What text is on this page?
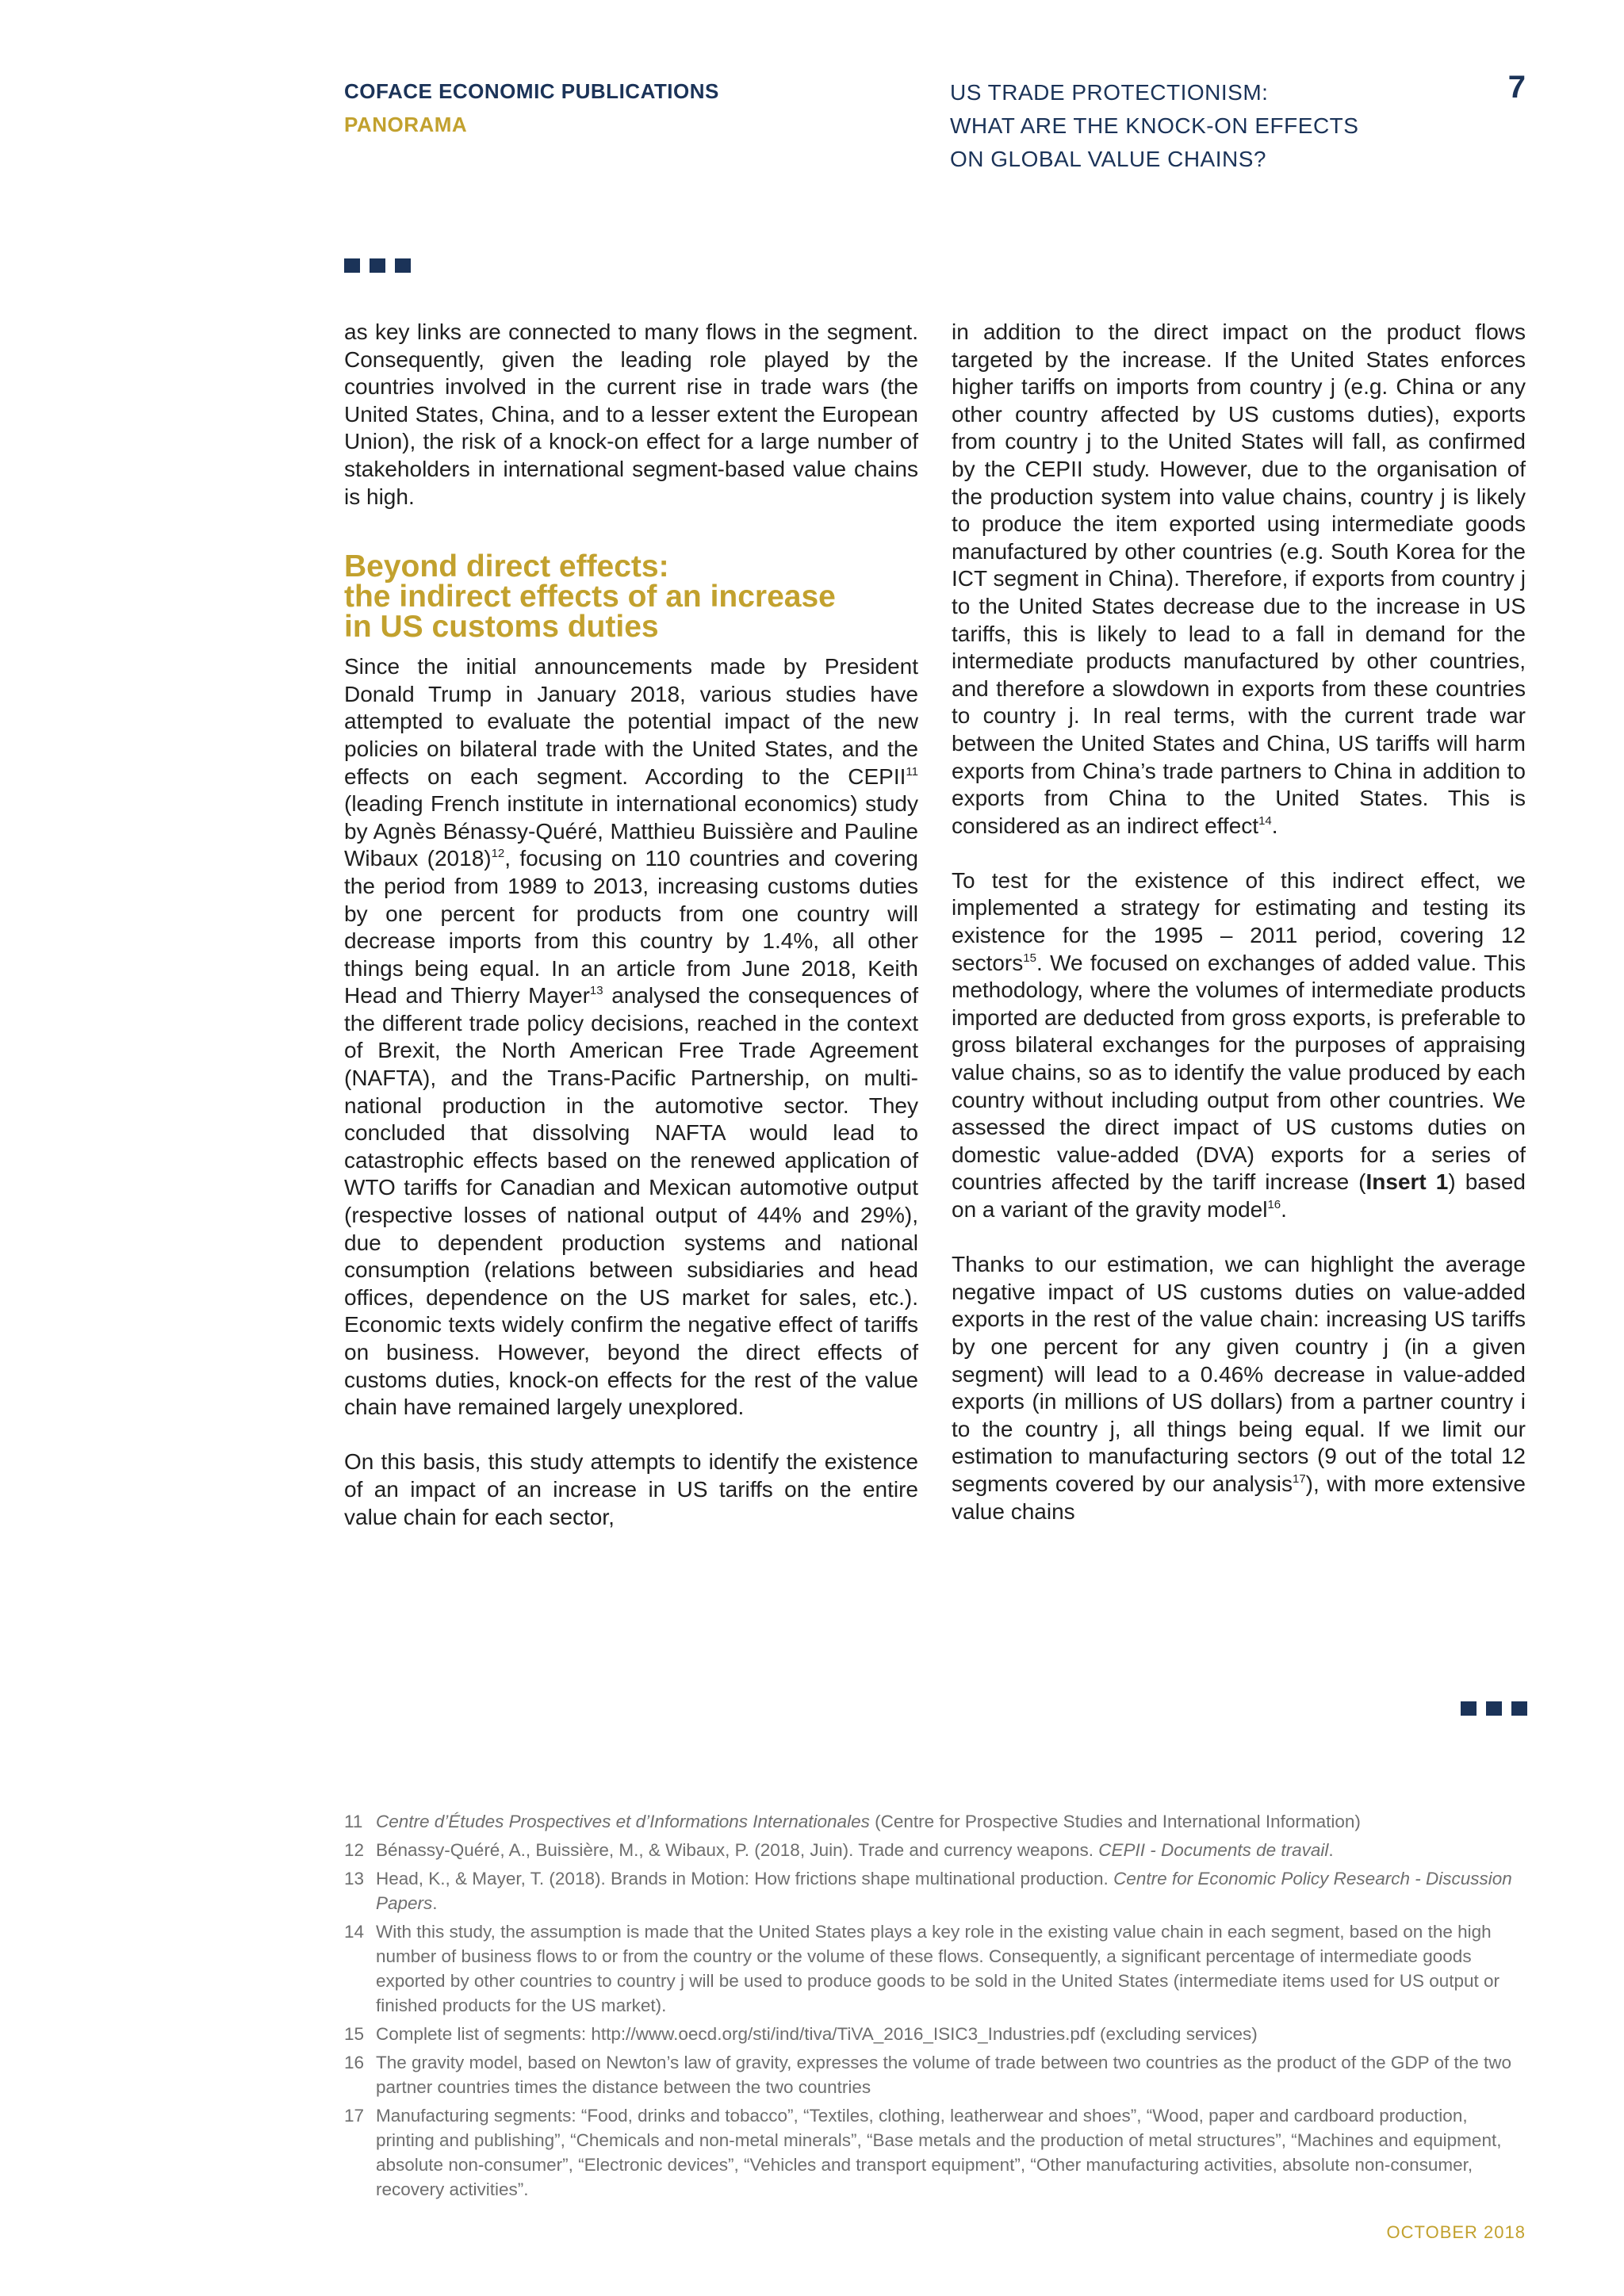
COFACE ECONOMIC PUBLICATIONS
PANORAMA
US TRADE PROTECTIONISM:
WHAT ARE THE KNOCK-ON EFFECTS
ON GLOBAL VALUE CHAINS?
7

as key links are connected to many flows in the segment. Consequently, given the leading role played by the countries involved in the current rise in trade wars (the United States, China, and to a lesser extent the European Union), the risk of a knock-on effect for a large number of stakeholders in international segment-based value chains is high.

Beyond direct effects:
the indirect effects of an increase
in US customs duties

Since the initial announcements made by President Donald Trump in January 2018, various studies have attempted to evaluate the potential impact of the new policies on bilateral trade with the United States, and the effects on each segment. According to the CEPII$^{11}$ (leading French institute in international economics) study by Agnès Bénassy-Quéré, Matthieu Buissière and Pauline Wibaux $(2018)^{12}$, focusing on 110 countries and covering the period from 1989 to 2013, increasing customs duties by one percent for products from one country will decrease imports from this country by 1.4%, all other things being equal. In an article from June 2018, Keith Head and Thierry Mayer$^{13}$ analysed the consequences of the different trade policy decisions, reached in the context of Brexit, the North American Free Trade Agreement (NAFTA), and the Trans-Pacific Partnership, on multi-national production in the automotive sector. They concluded that dissolving NAFTA would lead to catastrophic effects based on the renewed application of WTO tariffs for Canadian and Mexican automotive output (respective losses of national output of 44% and 29%), due to dependent production systems and national consumption (relations between subsidiaries and head offices, dependence on the US market for sales, etc.). Economic texts widely confirm the negative effect of tariffs on business. However, beyond the direct effects of customs duties, knock-on effects for the rest of the value chain have remained largely unexplored.

On this basis, this study attempts to identify the existence of an impact of an increase in US tariffs on the entire value chain for each sector,

in addition to the direct impact on the product flows targeted by the increase. If the United States enforces higher tariffs on imports from country j (e.g. China or any other country affected by US customs duties), exports from country j to the United States will fall, as confirmed by the CEPII study. However, due to the organisation of the production system into value chains, country j is likely to produce the item exported using intermediate goods manufactured by other countries (e.g. South Korea for the ICT segment in China). Therefore, if exports from country j to the United States decrease due to the increase in US tariffs, this is likely to lead to a fall in demand for the intermediate products manufactured by other countries, and therefore a slowdown in exports from these countries to country j. In real terms, with the current trade war between the United States and China, US tariffs will harm exports from China’s trade partners to China in addition to exports from China to the United States. This is considered as an indirect effect$^{14}$.

To test for the existence of this indirect effect, we implemented a strategy for estimating and testing its existence for the 1995 – 2011 period, covering 12 sectors$^{15}$. We focused on exchanges of added value. This methodology, where the volumes of intermediate products imported are deducted from gross exports, is preferable to gross bilateral exchanges for the purposes of appraising value chains, so as to identify the value produced by each country without including output from other countries. We assessed the direct impact of US customs duties on domestic value-added (DVA) exports for a series of countries affected by the tariff increase (Insert 1) based on a variant of the gravity model$^{16}$.

Thanks to our estimation, we can highlight the average negative impact of US customs duties on value-added exports in the rest of the value chain: increasing US tariffs by one percent for any given country j (in a given segment) will lead to a 0.46% decrease in value-added exports (in millions of US dollars) from a partner country i to the country j, all things being equal. If we limit our estimation to manufacturing sectors (9 out of the total 12 segments covered by our analysis$^{17}$), with more extensive value chains

11 Centre d’Études Prospectives et d’Informations Internationales (Centre for Prospective Studies and International Information)
12 Bénassy-Quéré, A., Buissière, M., & Wibaux, P. (2018, Juin). Trade and currency weapons. CEPII - Documents de travail.
13 Head, K., & Mayer, T. (2018). Brands in Motion: How frictions shape multinational production. Centre for Economic Policy Research - Discussion Papers.
14 With this study, the assumption is made that the United States plays a key role in the existing value chain in each segment, based on the high number of business flows to or from the country or the volume of these flows. Consequently, a significant percentage of intermediate goods exported by other countries to country j will be used to produce goods to be sold in the United States (intermediate items used for US output or finished products for the US market).
15 Complete list of segments: http://www.oecd.org/sti/ind/tiva/TiVA_2016_ISIC3_Industries.pdf (excluding services)
16 The gravity model, based on Newton’s law of gravity, expresses the volume of trade between two countries as the product of the GDP of the two partner countries times the distance between the two countries
17 Manufacturing segments: “Food, drinks and tobacco”, “Textiles, clothing, leatherwear and shoes”, “Wood, paper and cardboard production, printing and publishing”, “Chemicals and non-metal minerals”, “Base metals and the production of metal structures”, “Machines and equipment, absolute non-consumer”, “Electronic devices”, “Vehicles and transport equipment”, “Other manufacturing activities, absolute non-consumer, recovery activities”.
OCTOBER 2018
